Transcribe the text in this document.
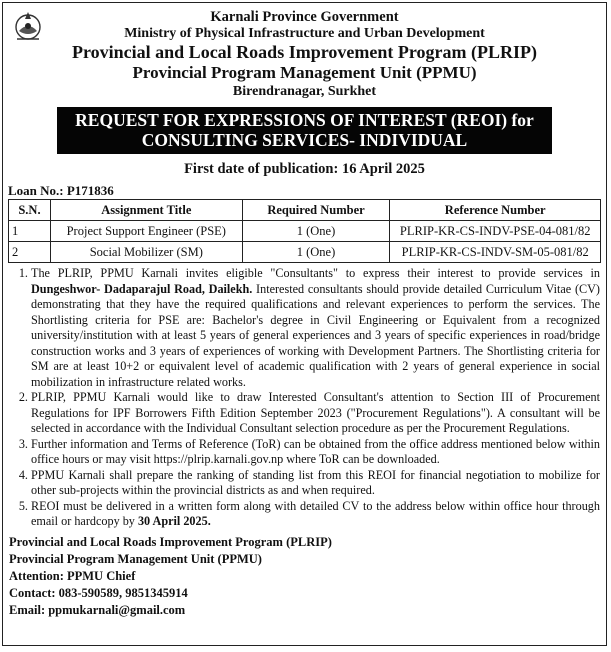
Karnali Province Government
Ministry of Physical Infrastructure and Urban Development
Provincial and Local Roads Improvement Program (PLRIP)
Provincial Program Management Unit (PPMU)
Birendranagar, Surkhet
REQUEST FOR EXPRESSIONS OF INTEREST (REOI) for
CONSULTING SERVICES- INDIVIDUAL
First date of publication: 16 April 2025
Loan No.: P171836
S.N.	Assignment Title	Required Number	Reference Number
1	Project Support Engineer (PSE)	1 (One)	PLRIP-KR-CS-INDV-PSE-04-081/82
2	Social Mobilizer (SM)	1 (One)	PLRIP-KR-CS-INDV-SM-05-081/82
1. The PLRIP, PPMU Karnali invites eligible "Consultants" to express their interest to provide services in Dungeshwor- Dadaparajul Road, Dailekh. Interested consultants should provide detailed Curriculum Vitae (CV) demonstrating that they have the required qualifications and relevant experiences to perform the services. The Shortlisting criteria for PSE are: Bachelor's degree in Civil Engineering or Equivalent from a recognized university/institution with at least 5 years of general experiences and 3 years of specific experiences in road/bridge construction works and 3 years of experiences of working with Development Partners. The Shortlisting criteria for SM are at least 10+2 or equivalent level of academic qualification with 2 years of general experience in social mobilization in infrastructure related works.
2. PLRIP, PPMU Karnali would like to draw Interested Consultant's attention to Section III of Procurement Regulations for IPF Borrowers Fifth Edition September 2023 ("Procurement Regulations"). A consultant will be selected in accordance with the Individual Consultant selection procedure as per the Procurement Regulations.
3. Further information and Terms of Reference (ToR) can be obtained from the office address mentioned below within office hours or may visit https://plrip.karnali.gov.np where ToR can be downloaded.
4. PPMU Karnali shall prepare the ranking of standing list from this REOI for financial negotiation to mobilize for other sub-projects within the provincial districts as and when required.
5. REOI must be delivered in a written form along with detailed CV to the address below within office hour through email or hardcopy by 30 April 2025.
Provincial and Local Roads Improvement Program (PLRIP)
Provincial Program Management Unit (PPMU)
Attention: PPMU Chief
Contact: 083-590589, 9851345914
Email: ppmukarnali@gmail.com
